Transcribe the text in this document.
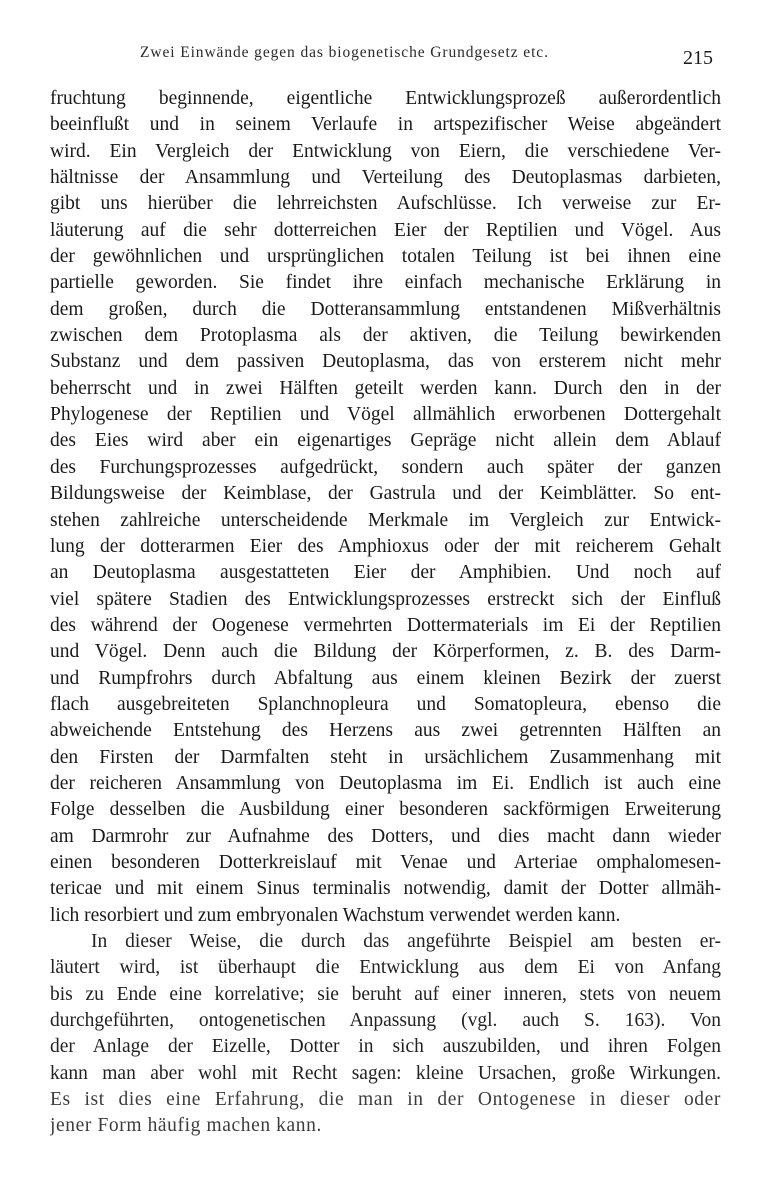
Zwei Einwände gegen das biogenetische Grundgesetz etc.	215
fruchtung beginnende, eigentliche Entwicklungsprozeß außerordentlich
beeinflußt und in seinem Verlaufe in artspezifischer Weise abgeändert
wird. Ein Vergleich der Entwicklung von Eiern, die verschiedene Ver-
hältnisse der Ansammlung und Verteilung des Deutoplasmas darbieten,
gibt uns hierüber die lehrreichsten Aufschlüsse. Ich verweise zur Er-
läuterung auf die sehr dotterreichen Eier der Reptilien und Vögel. Aus
der gewöhnlichen und ursprünglichen totalen Teilung ist bei ihnen eine
partielle geworden. Sie findet ihre einfach mechanische Erklärung in
dem großen, durch die Dotteransammlung entstandenen Mißverhältnis
zwischen dem Protoplasma als der aktiven, die Teilung bewirkenden
Substanz und dem passiven Deutoplasma, das von ersterem nicht mehr
beherrscht und in zwei Hälften geteilt werden kann. Durch den in der
Phylogenese der Reptilien und Vögel allmählich erworbenen Dottergehalt
des Eies wird aber ein eigenartiges Gepräge nicht allein dem Ablauf
des Furchungsprozesses aufgedrückt, sondern auch später der ganzen
Bildungsweise der Keimblase, der Gastrula und der Keimblätter. So ent-
stehen zahlreiche unterscheidende Merkmale im Vergleich zur Entwick-
lung der dotterarmen Eier des Amphioxus oder der mit reicherem Gehalt
an Deutoplasma ausgestatteten Eier der Amphibien. Und noch auf
viel spätere Stadien des Entwicklungsprozesses erstreckt sich der Einfluß
des während der Oogenese vermehrten Dottermaterials im Ei der Reptilien
und Vögel. Denn auch die Bildung der Körperformen, z. B. des Darm-
und Rumpfrohrs durch Abfaltung aus einem kleinen Bezirk der zuerst
flach ausgebreiteten Splanchnopleura und Somatopleura, ebenso die
abweichende Entstehung des Herzens aus zwei getrennten Hälften an
den Firsten der Darmfalten steht in ursächlichem Zusammenhang mit
der reicheren Ansammlung von Deutoplasma im Ei. Endlich ist auch eine
Folge desselben die Ausbildung einer besonderen sackförmigen Erweiterung
am Darmrohr zur Aufnahme des Dotters, und dies macht dann wieder
einen besonderen Dotterkreislauf mit Venae und Arteriae omphalomesen-
tericae und mit einem Sinus terminalis notwendig, damit der Dotter allmäh-
lich resorbiert und zum embryonalen Wachstum verwendet werden kann.
In dieser Weise, die durch das angeführte Beispiel am besten er-
läutert wird, ist überhaupt die Entwicklung aus dem Ei von Anfang
bis zu Ende eine korrelative; sie beruht auf einer inneren, stets von neuem
durchgeführten, ontogenetischen Anpassung (vgl. auch S. 163). Von
der Anlage der Eizelle, Dotter in sich auszubilden, und ihren Folgen
kann man aber wohl mit Recht sagen: kleine Ursachen, große Wirkungen.
Es ist dies eine Erfahrung, die man in der Ontogenese in dieser oder
jener Form häufig machen kann.
